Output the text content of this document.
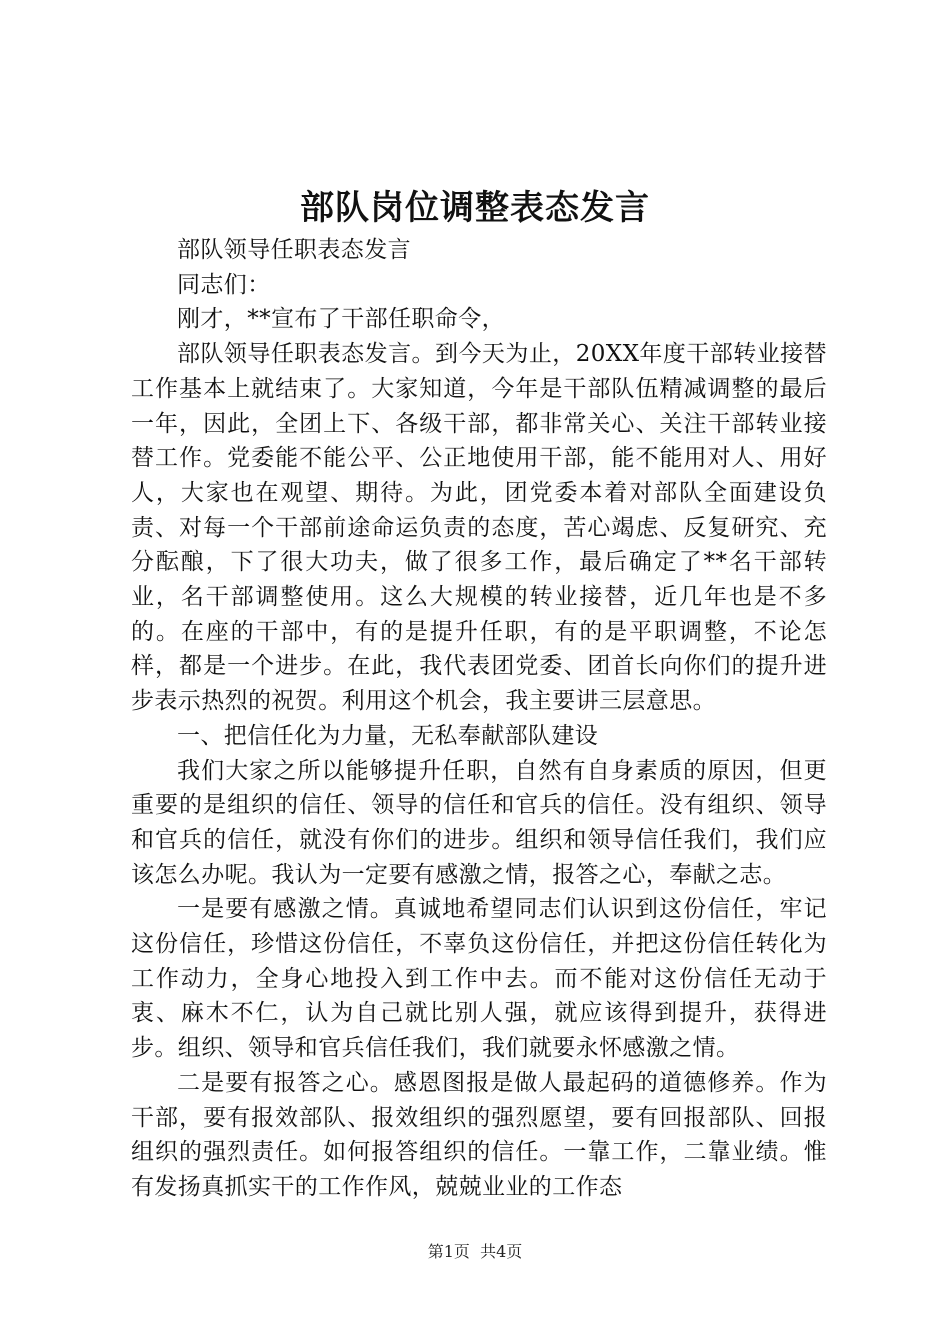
部队岗位调整表态发言

部队领导任职表态发言

同志们：

刚才，**宣布了干部任职命令，

部队领导任职表态发言。到今天为止，20XX年度干部转业接替工作基本上就结束了。大家知道，今年是干部队伍精减调整的最后一年，因此，全团上下、各级干部，都非常关心、关注干部转业接替工作。党委能不能公平、公正地使用干部，能不能用对人、用好人，大家也在观望、期待。为此，团党委本着对部队全面建设负责、对每一个干部前途命运负责的态度，苦心竭虑、反复研究、充分酝酿，下了很大功夫，做了很多工作，最后确定了**名干部转业，名干部调整使用。这么大规模的转业接替，近几年也是不多的。在座的干部中，有的是提升任职，有的是平职调整，不论怎样，都是一个进步。在此，我代表团党委、团首长向你们的提升进步表示热烈的祝贺。利用这个机会，我主要讲三层意思。

一、把信任化为力量，无私奉献部队建设

我们大家之所以能够提升任职，自然有自身素质的原因，但更重要的是组织的信任、领导的信任和官兵的信任。没有组织、领导和官兵的信任，就没有你们的进步。组织和领导信任我们，我们应该怎么办呢。我认为一定要有感激之情，报答之心，奉献之志。

一是要有感激之情。真诚地希望同志们认识到这份信任，牢记这份信任，珍惜这份信任，不辜负这份信任，并把这份信任转化为工作动力，全身心地投入到工作中去。而不能对这份信任无动于衷、麻木不仁，认为自己就比别人强，就应该得到提升，获得进步。组织、领导和官兵信任我们，我们就要永怀感激之情。

二是要有报答之心。感恩图报是做人最起码的道德修养。作为干部，要有报效部队、报效组织的强烈愿望，要有回报部队、回报组织的强烈责任。如何报答组织的信任。一靠工作，二靠业绩。惟有发扬真抓实干的工作作风，兢兢业业的工作态

第1页 共4页
